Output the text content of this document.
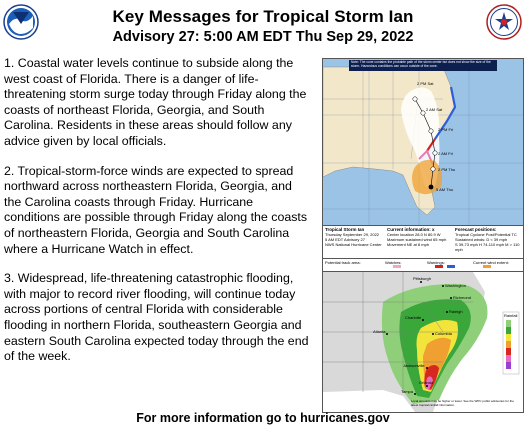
Key Messages for Tropical Storm Ian
Advisory 27: 5:00 AM EDT Thu Sep 29, 2022

1. Coastal water levels continue to subside along the west coast of Florida. There is a danger of life-threatening storm surge today through Friday along the coasts of northeast Florida, Georgia, and South Carolina. Residents in these areas should follow any advice given by local officials.

2. Tropical-storm-force winds are expected to spread northward across northeastern Florida, Georgia, and the Carolina coasts through Friday. Hurricane conditions are possible through Friday along the coasts of northeastern Florida, Georgia and South Carolina where a Hurricane Watch in effect.

3. Widespread, life-threatening catastrophic flooding, with major to record river flooding, will continue today across portions of central Florida with considerable flooding in northern Florida, southeastern Georgia and eastern South Carolina expected today through the end of the week.

2 PM Sat
2 AM Sat
2 PM Fri
2 AM Fri
2 PM Thu
5 AM Thu
Note: The cone contains the probable path of the storm center but does not show the size of the storm. Hazardous conditions can occur outside of the cone.
Tropical Storm Ian
Thursday September 29, 2022
5 AM EDT Advisory 27
NWS National Hurricane Center
Current information: x
Center location 28.0 N 80.9 W
Maximum sustained wind 65 mph
Movement NE at 8 mph
Forecast positions:
Tropical Cyclone Post/Potential TC
Sustained winds: D < 39 mph
S 39-73 mph H 74-110 mph M > 110 mph
Potential track area:	Watches:	Warnings:	Current wind extent:
Washington
Pittsburgh
Charlotte
Atlanta
Richmond
Jacksonville
Tampa
Orlando
Raleigh
Columbia
Rainfall
Local amounts may be higher or lower. See the WPC public advisories for the latest tropical rainfall information.
For more information go to hurricanes.gov
